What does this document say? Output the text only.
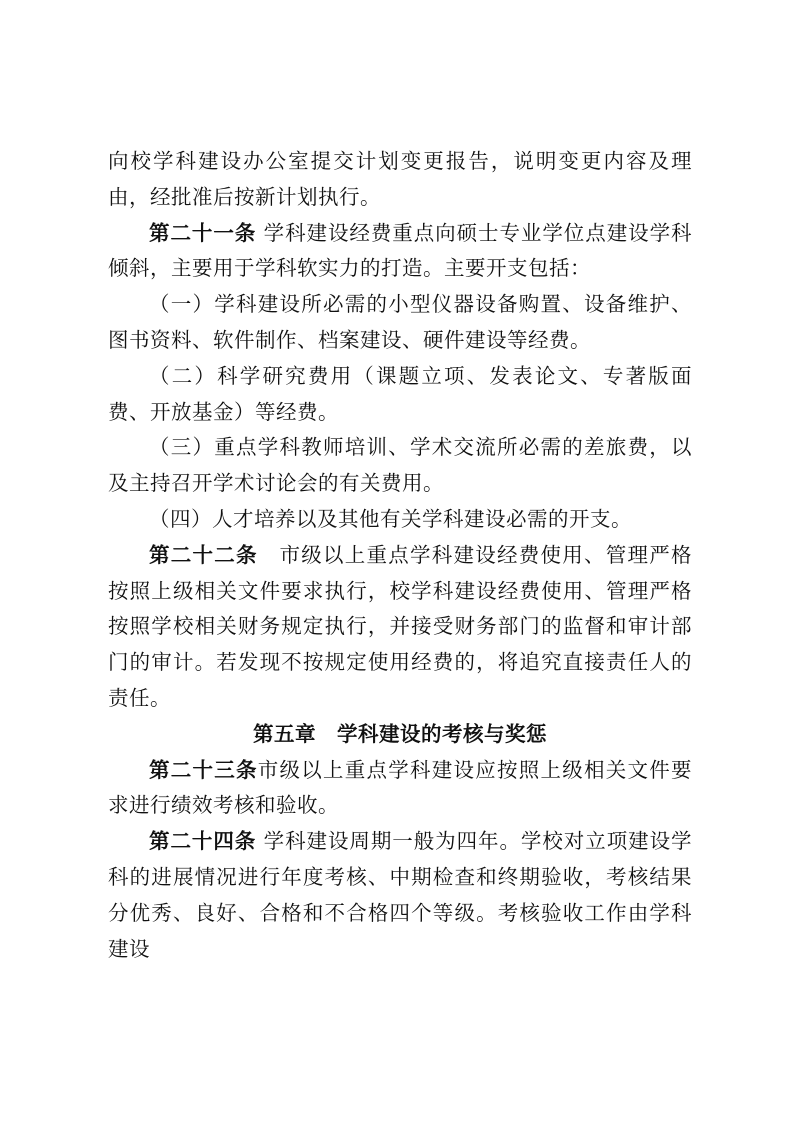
向校学科建设办公室提交计划变更报告，说明变更内容及理由，经批准后按新计划执行。

第二十一条 学科建设经费重点向硕士专业学位点建设学科倾斜，主要用于学科软实力的打造。主要开支包括：

（一）学科建设所必需的小型仪器设备购置、设备维护、图书资料、软件制作、档案建设、硬件建设等经费。

（二）科学研究费用（课题立项、发表论文、专著版面费、开放基金）等经费。

（三）重点学科教师培训、学术交流所必需的差旅费，以及主持召开学术讨论会的有关费用。

（四）人才培养以及其他有关学科建设必需的开支。

第二十二条　市级以上重点学科建设经费使用、管理严格按照上级相关文件要求执行，校学科建设经费使用、管理严格按照学校相关财务规定执行，并接受财务部门的监督和审计部门的审计。若发现不按规定使用经费的，将追究直接责任人的责任。

第五章　学科建设的考核与奖惩

第二十三条市级以上重点学科建设应按照上级相关文件要求进行绩效考核和验收。

第二十四条 学科建设周期一般为四年。学校对立项建设学科的进展情况进行年度考核、中期检查和终期验收，考核结果分优秀、良好、合格和不合格四个等级。考核验收工作由学科建设
